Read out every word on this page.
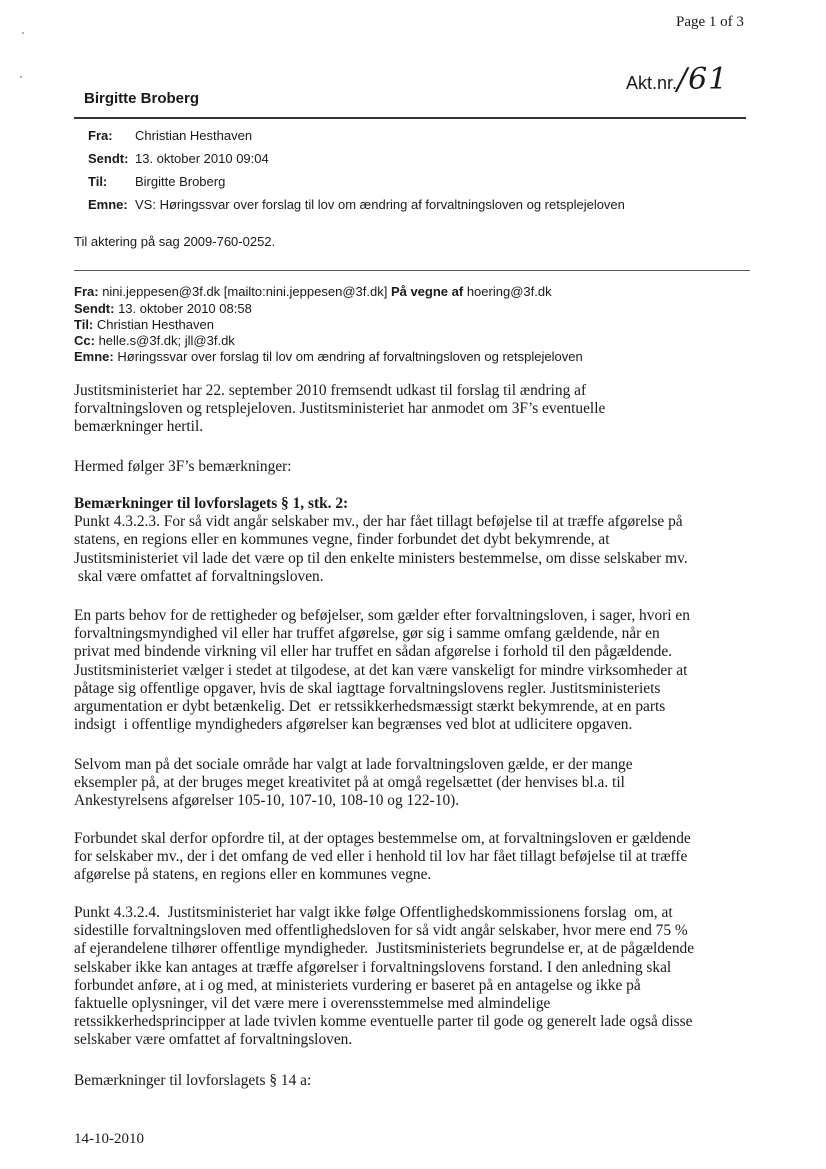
Page 1 of 3
Akt.nr./61
Birgitte Broberg
Fra: Christian Hesthaven
Sendt: 13. oktober 2010 09:04
Til: Birgitte Broberg
Emne: VS: Høringssvar over forslag til lov om ændring af forvaltningsloven og retsplejeloven
Til aktering på sag 2009-760-0252.
Fra: nini.jeppesen@3f.dk [mailto:nini.jeppesen@3f.dk] På vegne af hoering@3f.dk
Sendt: 13. oktober 2010 08:58
Til: Christian Hesthaven
Cc: helle.s@3f.dk; jll@3f.dk
Emne: Høringssvar over forslag til lov om ændring af forvaltningsloven og retsplejeloven

Justitsministeriet har 22. september 2010 fremsendt udkast til forslag til ændring af

forvaltningsloven og retsplejeloven. Justitsministeriet har anmodet om 3F’s eventuelle

bemærkninger hertil.

Hermed følger 3F’s bemærkninger:

Bemærkninger til lovforslagets § 1, stk. 2:

Punkt 4.3.2.3. For så vidt angår selskaber mv., der har fået tillagt beføjelse til at træffe afgørelse på

statens, en regions eller en kommunes vegne, finder forbundet det dybt bekymrende, at

Justitsministeriet vil lade det være op til den enkelte ministers bestemmelse, om disse selskaber mv.

skal være omfattet af forvaltningsloven.

En parts behov for de rettigheder og beføjelser, som gælder efter forvaltningsloven, i sager, hvori en

forvaltningsmyndighed vil eller har truffet afgørelse, gør sig i samme omfang gældende, når en

privat med bindende virkning vil eller har truffet en sådan afgørelse i forhold til den pågældende.

Justitsministeriet vælger i stedet at tilgodese, at det kan være vanskeligt for mindre virksomheder at

påtage sig offentlige opgaver, hvis de skal iagttage forvaltningslovens regler. Justitsministeriets

argumentation er dybt betænkelig. Det  er retssikkerhedsmæssigt stærkt bekymrende, at en parts

indsigt  i offentlige myndigheders afgørelser kan begrænses ved blot at udlicitere opgaven.

Selvom man på det sociale område har valgt at lade forvaltningsloven gælde, er der mange

eksempler på, at der bruges meget kreativitet på at omgå regelsættet (der henvises bl.a. til

Ankestyrelsens afgørelser 105-10, 107-10, 108-10 og 122-10).

Forbundet skal derfor opfordre til, at der optages bestemmelse om, at forvaltningsloven er gældende

for selskaber mv., der i det omfang de ved eller i henhold til lov har fået tillagt beføjelse til at træffe

afgørelse på statens, en regions eller en kommunes vegne.

Punkt 4.3.2.4.  Justitsministeriet har valgt ikke følge Offentlighedskommissionens forslag  om, at

sidestille forvaltningsloven med offentlighedsloven for så vidt angår selskaber, hvor mere end 75 %

af ejerandelene tilhører offentlige myndigheder.  Justitsministeriets begrundelse er, at de pågældende

selskaber ikke kan antages at træffe afgørelser i forvaltningslovens forstand. I den anledning skal

forbundet anføre, at i og med, at ministeriets vurdering er baseret på en antagelse og ikke på

faktuelle oplysninger, vil det være mere i overensstemmelse med almindelige

retssikkerhedsprincipper at lade tvivlen komme eventuelle parter til gode og generelt lade også disse

selskaber være omfattet af forvaltningsloven.

Bemærkninger til lovforslagets § 14 a:

14-10-2010
